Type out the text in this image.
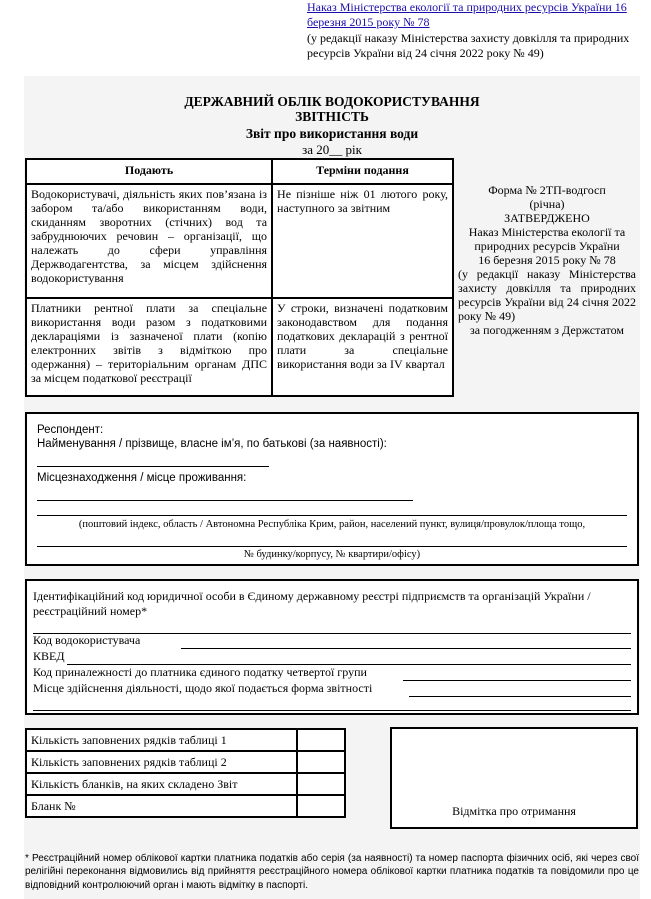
Наказ Міністерства екології та природних ресурсів України 16 березня 2015 року № 78
(у редакції наказу Міністерства захисту довкілля та природних ресурсів України від 24 січня 2022 року № 49)
ДЕРЖАВНИЙ ОБЛІК ВОДОКОРИСТУВАННЯ
ЗВІТНІСТЬ
Звіт про використання води
за 20__ рік
Подають	Терміни подання
Водокористувачі, діяльність яких пов’язана із забором та/або використанням води, скиданням зворотних (стічних) вод та забруднюючих речовин – організації, що належать до сфери управління Держводагентства, за місцем здійснення водокористування	Не пізніше ніж 01 лютого року, наступного за звітним
Платники рентної плати за спеціальне використання води разом з податковими деклараціями із зазначеної плати (копію електронних звітів з відміткою про одержання) – територіальним органам ДПС за місцем податкової реєстрації	У строки, визначені податковим законодавством для подання податкових декларацій з рентної плати за спеціальне використання води за IV квартал
Форма № 2ТП-водгосп
(річна)
ЗАТВЕРДЖЕНО
Наказ Міністерства екології та природних ресурсів України
16 березня 2015 року № 78
(у редакції наказу Міністерства захисту довкілля та природних ресурсів України від 24 січня 2022 року № 49)
за погодженням з Держстатом
Респондент:
Найменування / прізвище, власне ім’я, по батькові (за наявності):
Місцезнаходження / місце проживання:
(поштовий індекс, область / Автономна Республіка Крим, район, населений пункт, вулиця/провулок/площа тощо,
№ будинку/корпусу, № квартири/офісу)
Ідентифікаційний код юридичної особи в Єдиному державному реєстрі підприємств та організацій України / реєстраційний номер*
Код водокористувача
КВЕД
Код приналежності до платника єдиного податку четвертої групи
Місце здійснення діяльності, щодо якої подається форма звітності
Кількість заповнених рядків таблиці 1	
Кількість заповнених рядків таблиці 2	
Кількість бланків, на яких складено Звіт	
Бланк №		Відмітка про отримання
* Реєстраційний номер облікової картки платника податків або серія (за наявності) та номер паспорта фізичних осіб, які через свої релігійні переконання відмовились від прийняття реєстраційного номера облікової картки платника податків та повідомили про це відповідний контролюючий орган і мають відмітку в паспорті.
